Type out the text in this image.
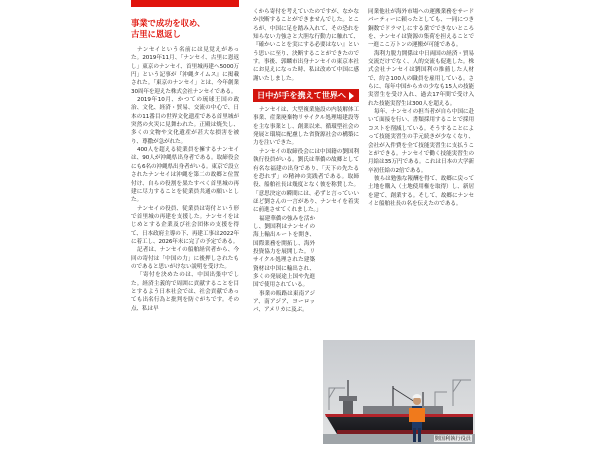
事業で成功を収め、
古里に恩返し

ナンセイという名前には見覚えがあった。2019年11月、「ナンセイ、古里に恩返し」東京のナンセイ、首里城再建へ5000万円」という記事が『沖縄タイムス』に掲載された。「東京のナンセイ」とは、今年創業30周年を迎えた株式会社ナンセイである。

2019年10月、かつての琉球王国の政治、文化、経済・貿易、交流の中心で、日本の11番目の世界文化遺産である首里城が突然の火災に見舞われた。正殿は焼失し、多くの文物や文化遺産が甚大な損害を被り、尊撒が急がれた。

400人を超える従業員を擁するナンセイは、90人が沖縄県出身者である。取締役会にも6名の沖縄県出身者がいる。東京で設立されたナンセイは沖縄を第二の故郷と位置付け、自らの役割を果たすべく首里城の再建に尽力することを従業員共通の願いとした。

ナンセイの役員、従業員は寄付という形で首里城の再建を支援した。ナンセイをはじめとする企業及び社会団体の支援を得て、日本政府主導の下、再建工事は2022年に着工し、2026年末に完了の予定である。

記者は、ナンセイの船舶経営者から、今回の寄付は「中国の力」に後押しされたものであると思いがけない説明を受けた。

「寄付を決めたのは、中国出張中でした。経済主義的で周囲に貢献することを目とするよう日本社会では、社会貢献であっても出名行為と批判を防ぐがちです。その点、私は早

くから寄付を考えていたのですが、なかなか決断することができませんでした。ところが、中国に足を踏み入れて、その恐れを知らない力強さと大胆な行動力に触れて、『確かいことを実にする必要はない』という思いに至り、決断することができたのです。事後、郭麟市出身ナンセイの東京本社にお見えになった時、私は改めて中国に感謝いたしました。

日中が手を携えて世界へ

ナンセイは、大型複業施設の内装解体工事業、産業廃棄物リサイクル処理場建設等を主な事業とし、創業以来、循環型社会の発展と環境に配慮した省資源社会の構築に力を注いできた。

ナンセイの取締役会には中国籍の劉国利執行役員がいる。劉氏は華僑の故郷として有名な福建の出身であり、「天下の先たるを恐れず」の精神の実践者である。取締役、船舶社長は幾度となく彼を称賛した。「意思決定の瞬間には、必ずと言っていいほど劉さんの一言があり、ナンセイを着実に前進させてくれました。」

福建華僑の強みを活かし、劉国利はナンセイの海上輸出ルートを開き、国際業務を開拓し、海外投資協力を展開した。リサイクル処理された建築資材は中国に輸出され、多くの発展途上国や先進国で使用されている。

事業の販路は東南アジア、南アジア、ヨーロッパ、アメリカに及ぶ。

同業他社が海外市場への運搬業務をサードパーティーに頼ったとしても、一同につき銅数でドラマしにする業でできないところを、ナンセイは資源の集荷を担えることで一進ここ万トンの運搬が可能である。

海利力脱力開係は中日両国の経済・貿易交流だけでなく、人的交流も促進した。株式会社ナンセイは劉国利の推薦した人材で、約さ100人の職員を雇用している。さらに、毎年中国からカの少なも15人の技能実習生を受け入れ、過去17年間で受け入れた技能実習生は300人を超える。

毎年、ナンセイの担当者が自ら中国に赴いて面接を行い、書類採用することで採用コストを削減している。そうすることによって技能実習生の手元続きが少なくなり、会社が入件費を全て技能実習生に支払うことができる。ナンセイで働く技能実習生の月給は35万円である。これは日本の大学新卒初任給の2倍である。

彼らは勉強な報酬を得て、故郷に戻って土地を購入（土地使用権を取得）し、新居を建て、創業する。そして、故郷にナンセイと船舶社長の名を伝えたのである。

劉国利執行役員
